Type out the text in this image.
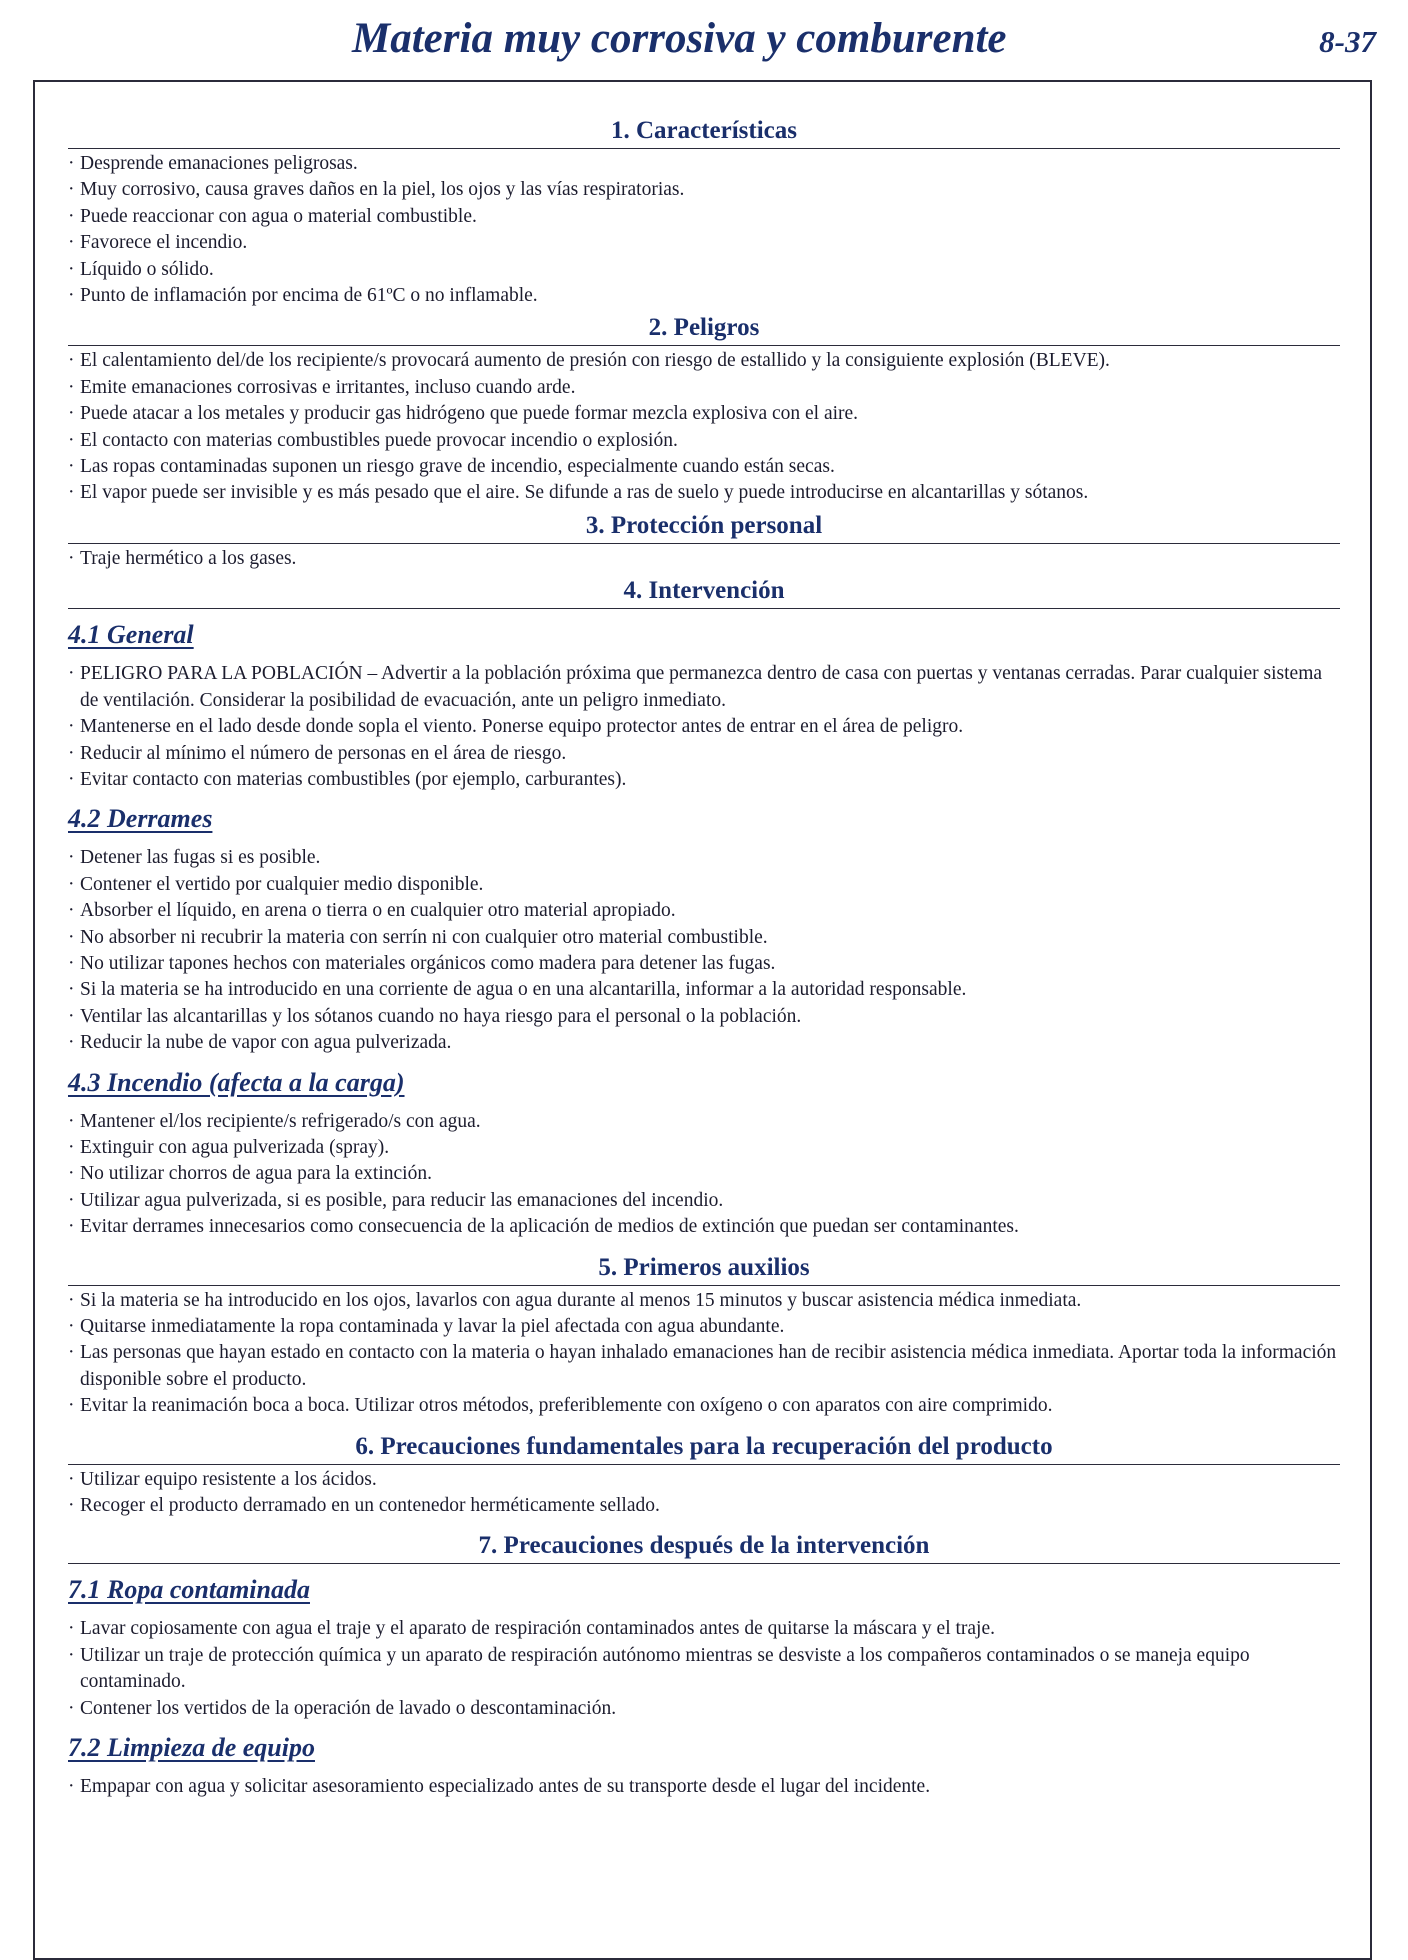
Materia muy corrosiva y comburente	8-37
1. Características
· Desprende emanaciones peligrosas.
· Muy corrosivo, causa graves daños en la piel, los ojos y las vías respiratorias.
· Puede reaccionar con agua o material combustible.
· Favorece el incendio.
· Líquido o sólido.
· Punto de inflamación por encima de 61ºC o no inflamable.
2. Peligros
· El calentamiento del/de los recipiente/s provocará aumento de presión con riesgo de estallido y la consiguiente explosión (BLEVE).
· Emite emanaciones corrosivas e irritantes, incluso cuando arde.
· Puede atacar a los metales y producir gas hidrógeno que puede formar mezcla explosiva con el aire.
· El contacto con materias combustibles puede provocar incendio o explosión.
· Las ropas contaminadas suponen un riesgo grave de incendio, especialmente cuando están secas.
· El vapor puede ser invisible y es más pesado que el aire. Se difunde a ras de suelo y puede introducirse en alcantarillas y sótanos.
3. Protección personal
· Traje hermético a los gases.
4. Intervención
4.1 General
· PELIGRO PARA LA POBLACIÓN – Advertir a la población próxima que permanezca dentro de casa con puertas y ventanas cerradas. Parar cualquier sistema de ventilación. Considerar la posibilidad de evacuación, ante un peligro inmediato.
· Mantenerse en el lado desde donde sopla el viento. Ponerse equipo protector antes de entrar en el área de peligro.
· Reducir al mínimo el número de personas en el área de riesgo.
· Evitar contacto con materias combustibles (por ejemplo, carburantes).
4.2 Derrames
· Detener las fugas si es posible.
· Contener el vertido por cualquier medio disponible.
· Absorber el líquido, en arena o tierra o en cualquier otro material apropiado.
· No absorber ni recubrir la materia con serrín ni con cualquier otro material combustible.
· No utilizar tapones hechos con materiales orgánicos como madera para detener las fugas.
· Si la materia se ha introducido en una corriente de agua o en una alcantarilla, informar a la autoridad responsable.
· Ventilar las alcantarillas y los sótanos cuando no haya riesgo para el personal o la población.
· Reducir la nube de vapor con agua pulverizada.
4.3 Incendio (afecta a la carga)
· Mantener el/los recipiente/s refrigerado/s con agua.
· Extinguir con agua pulverizada (spray).
· No utilizar chorros de agua para la extinción.
· Utilizar agua pulverizada, si es posible, para reducir las emanaciones del incendio.
· Evitar derrames innecesarios como consecuencia de la aplicación de medios de extinción que puedan ser contaminantes.
5. Primeros auxilios
· Si la materia se ha introducido en los ojos, lavarlos con agua durante al menos 15 minutos y buscar asistencia médica inmediata.
· Quitarse inmediatamente la ropa contaminada y lavar la piel afectada con agua abundante.
· Las personas que hayan estado en contacto con la materia o hayan inhalado emanaciones han de recibir asistencia médica inmediata. Aportar toda la información disponible sobre el producto.
· Evitar la reanimación boca a boca. Utilizar otros métodos, preferiblemente con oxígeno o con aparatos con aire comprimido.
6. Precauciones fundamentales para la recuperación del producto
· Utilizar equipo resistente a los ácidos.
· Recoger el producto derramado en un contenedor herméticamente sellado.
7. Precauciones después de la intervención
7.1 Ropa contaminada
· Lavar copiosamente con agua el traje y el aparato de respiración contaminados antes de quitarse la máscara y el traje.
· Utilizar un traje de protección química y un aparato de respiración autónomo mientras se desviste a los compañeros contaminados o se maneja equipo contaminado.
· Contener los vertidos de la operación de lavado o descontaminación.
7.2 Limpieza de equipo
· Empapar con agua y solicitar asesoramiento especializado antes de su transporte desde el lugar del incidente.
